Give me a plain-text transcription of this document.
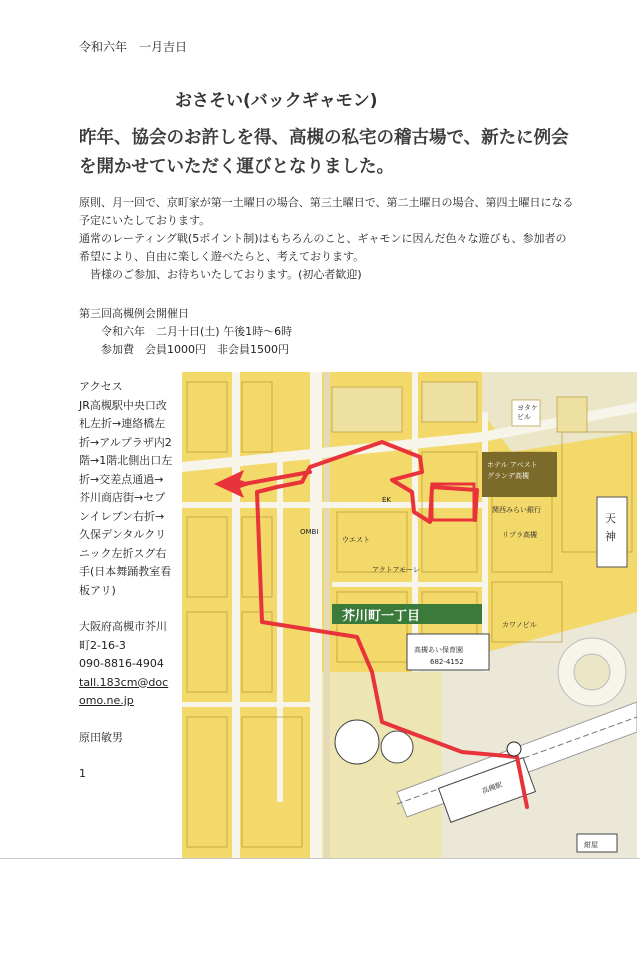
令和六年　一月吉日
おさそい(バックギャモン)
昨年、協会のお許しを得、高槻の私宅の稽古場で、新たに例会を開かせていただく運びとなりました。

原則、月一回で、京町家が第一土曜日の場合、第三土曜日で、第二土曜日の場合、第四土曜日になる予定にいたしております。

通常のレーティング戦(5ポイント制)はもちろんのこと、ギャモンに因んだ色々な遊びも、参加者の希望により、自由に楽しく遊べたらと、考えております。

　皆様のご参加、お待ちいたしております。(初心者歓迎)

第三回高槻例会開催日
令和六年　二月十日(土) 午後1時〜6時
参加費　会員1000円　非会員1500円

アクセス

JR高槻駅中央口改札左折→連絡橋左折→アルプラザ内2階→1階北側出口左折→交差点通過→芥川商店街→セブンイレブン右折→久保デンタルクリニック左折スグ右手(日本舞踊教室看板アリ)

大阪府高槻市芥川町2-16-3

090-8816-4904

tall.183cm@docomo.ne.jp

原田敏男

1

ホテル アベスト
グランデ高槻
ヨタケ
ビル
関西みらい銀行
リプラ高槻
カワノビル
OMBI
EK
ウエスト
アクトアモーレ
天
神
芥川町一丁目
高槻あい保育園
682-4152
高槻駅
紺屋
